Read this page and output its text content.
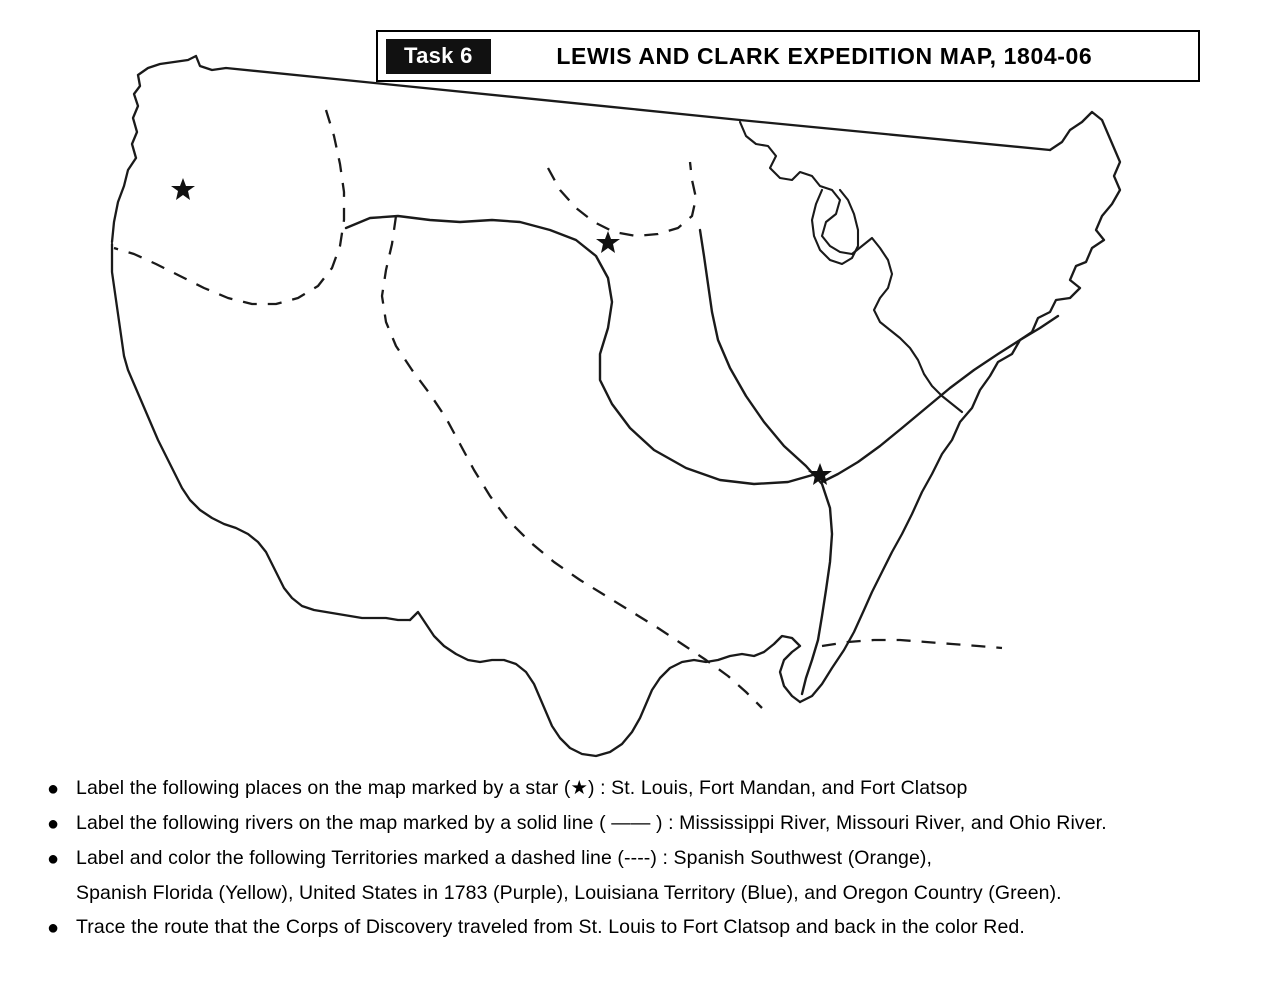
Task 6	LEWIS AND CLARK EXPEDITION MAP, 1804-06
● Label the following places on the map marked by a star (★) : St. Louis, Fort Mandan, and Fort Clatsop
● Label the following rivers on the map marked by a solid line ( —— ) : Mississippi River, Missouri River, and Ohio River.
● Label and color the following Territories marked a dashed line (----) : Spanish Southwest (Orange),
Spanish Florida (Yellow), United States in 1783 (Purple), Louisiana Territory (Blue), and Oregon Country (Green).
● Trace the route that the Corps of Discovery traveled from St. Louis to Fort Clatsop and back in the color Red.
